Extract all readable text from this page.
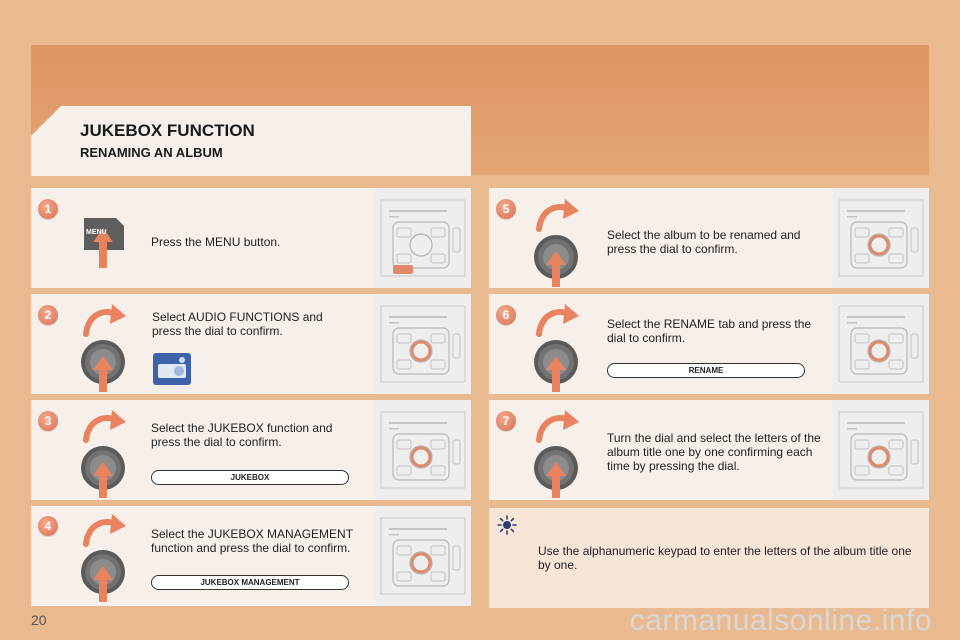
JUKEBOX FUNCTION
RENAMING AN ALBUM
1
MENU
Press the MENU button.
2	Select AUDIO FUNCTIONS and press the dial to confirm.
3	Select the JUKEBOX function and press the dial to confirm.
JUKEBOX
4
Select the JUKEBOX MANAGEMENT function and press the dial to confirm.
JUKEBOX MANAGEMENT
5
Select the album to be renamed and press the dial to confirm.
6
Select the RENAME tab and press the dial to confirm.
RENAME
7
Turn the dial and select the letters of the album title one by one confirming each time by pressing the dial.
Use the alphanumeric keypad to enter the letters of the album title one by one.
20	carmanualsonline.info
